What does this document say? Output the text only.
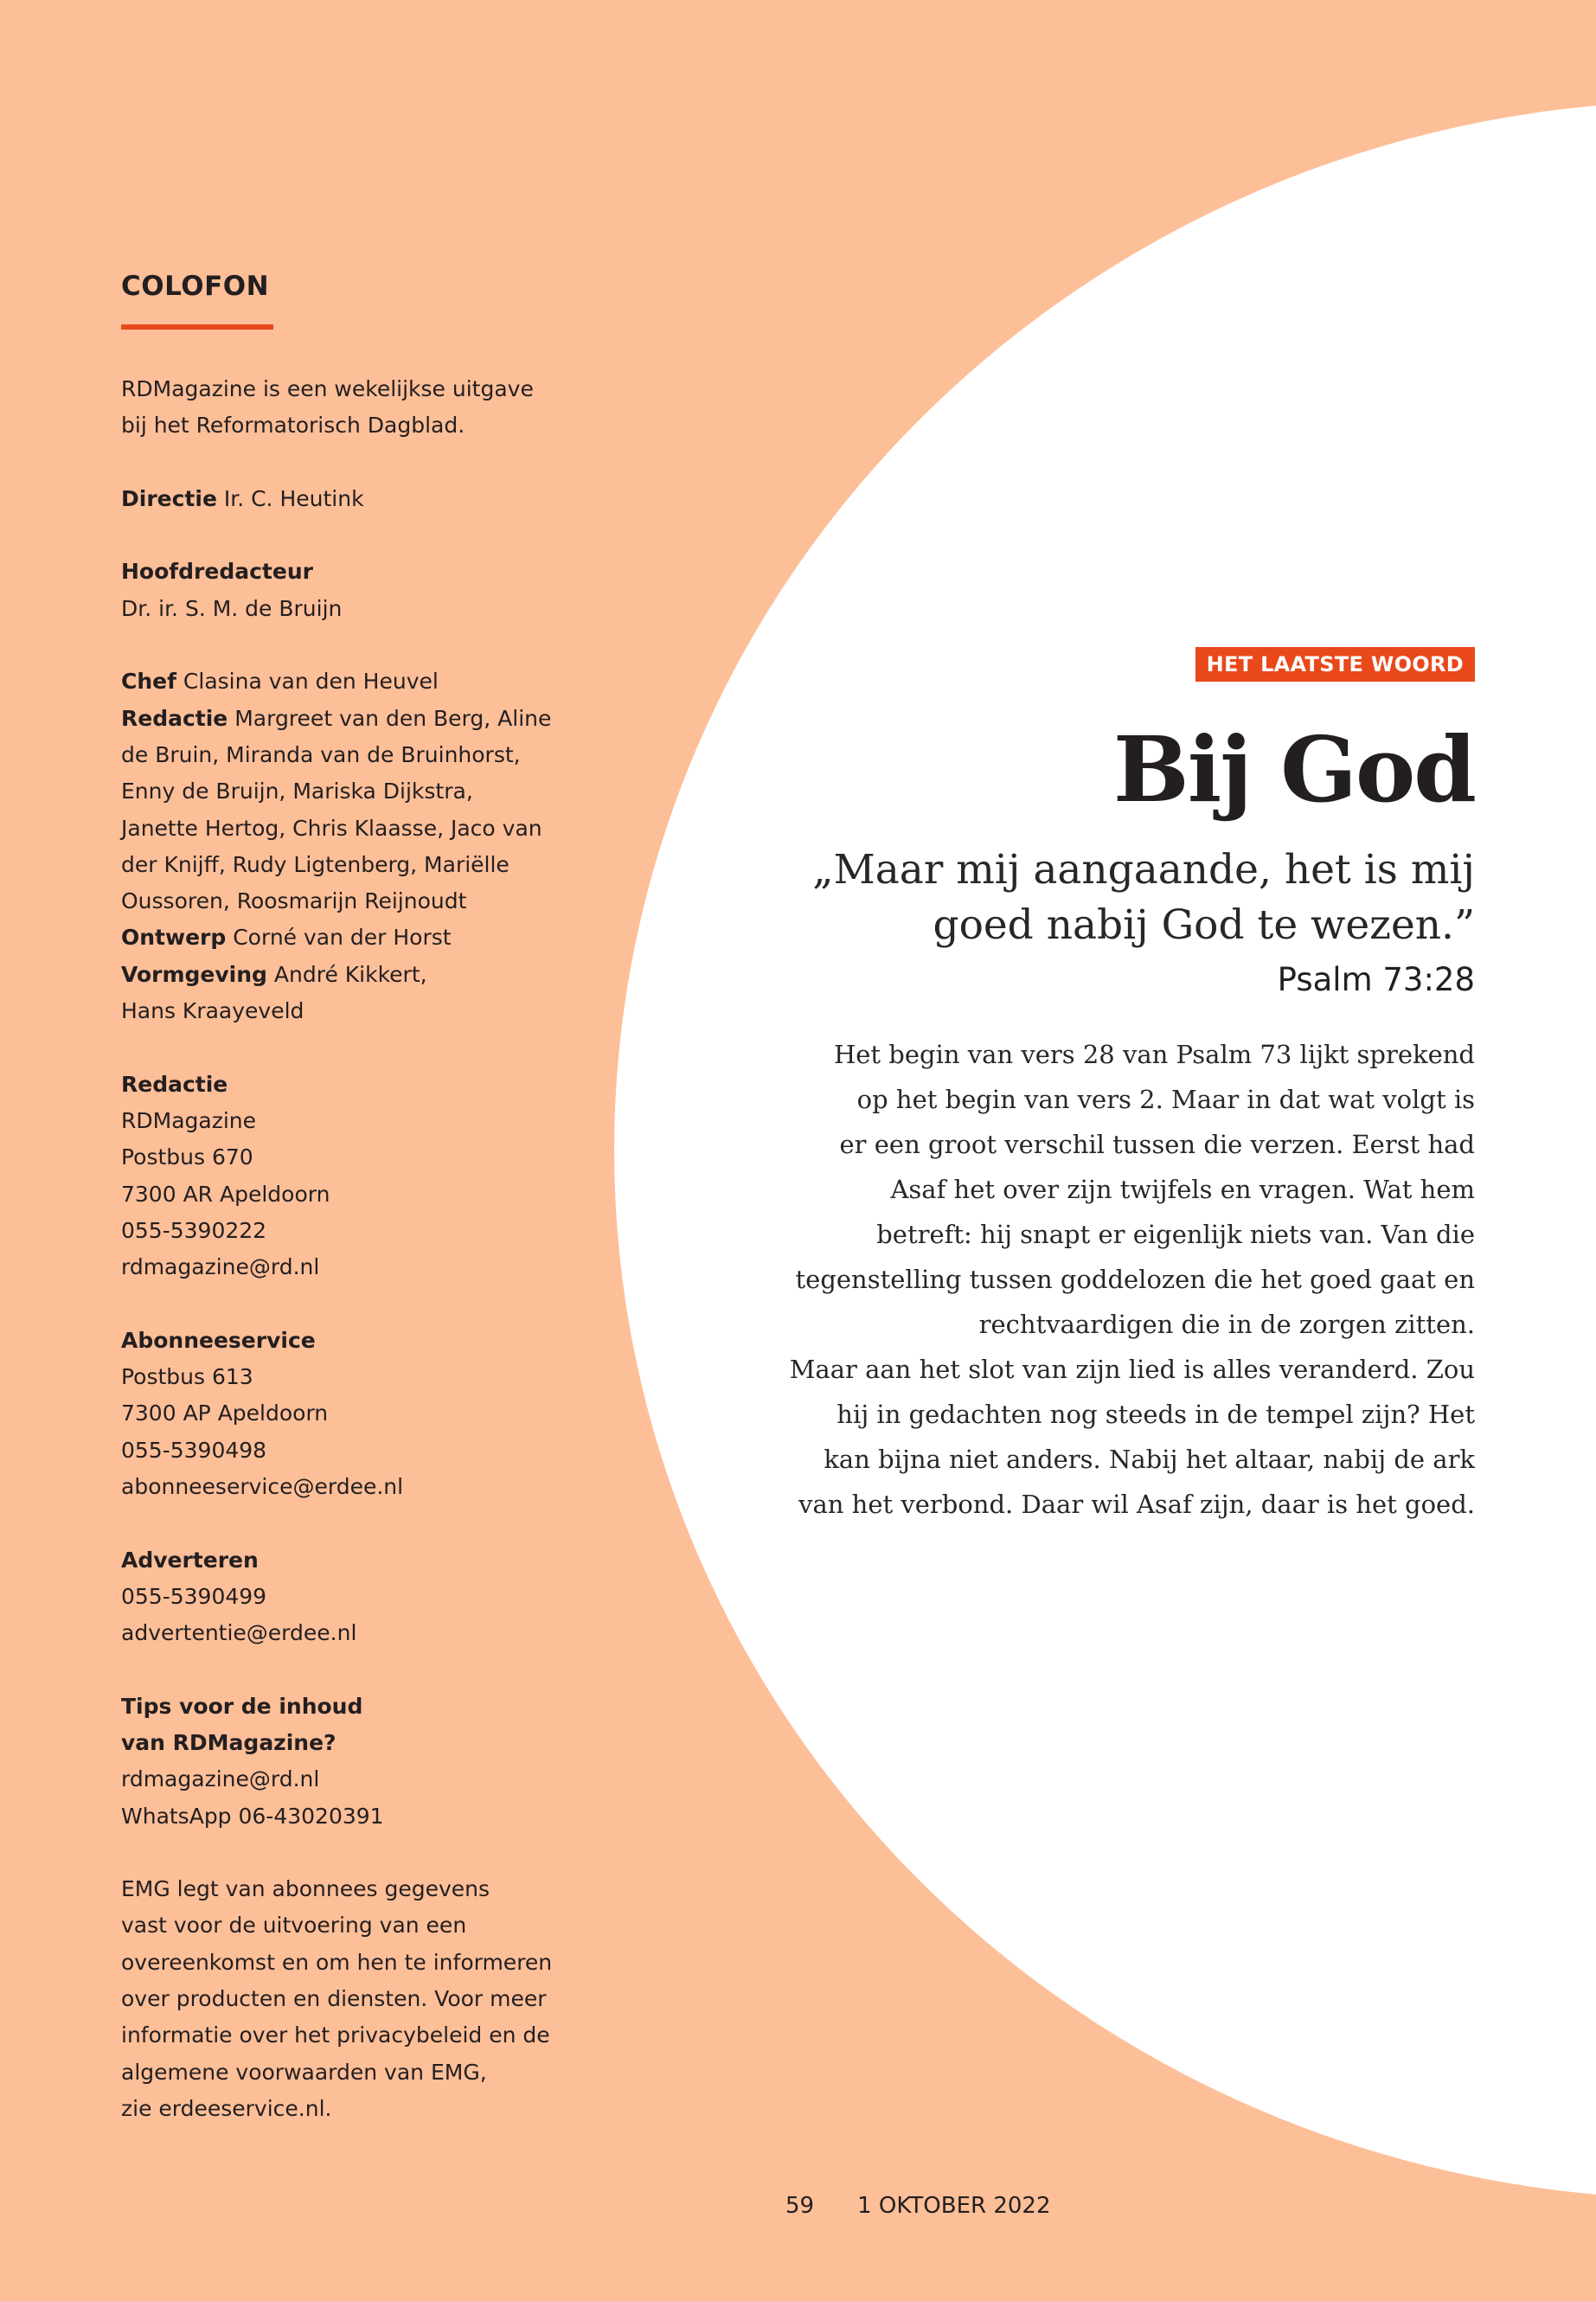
COLOFON
RDMagazine is een wekelijkse uitgave
bij het Reformatorisch Dagblad.
Directie Ir. C. Heutink
Hoofdredacteur
Dr. ir. S. M. de Bruijn
Chef Clasina van den Heuvel
Redactie Margreet van den Berg, Aline
de Bruin, Miranda van de Bruinhorst,
Enny de Bruijn, Mariska Dijkstra,
Janette Hertog, Chris Klaasse, Jaco van
der Knijff, Rudy Ligtenberg, Mariëlle
Oussoren, Roosmarijn Reijnoudt
Ontwerp Corné van der Horst
Vormgeving André Kikkert,
Hans Kraayeveld
Redactie
RDMagazine
Postbus 670
7300 AR Apeldoorn
055-5390222
rdmagazine@rd.nl
Abonneeservice
Postbus 613
7300 AP Apeldoorn
055-5390498
abonneeservice@erdee.nl
Adverteren
055-5390499
advertentie@erdee.nl
Tips voor de inhoud
van RDMagazine?
rdmagazine@rd.nl
WhatsApp 06-43020391
EMG legt van abonnees gegevens
vast voor de uitvoering van een
overeenkomst en om hen te informeren
over producten en diensten. Voor meer
informatie over het privacybeleid en de
algemene voorwaarden van EMG,
zie erdeeservice.nl.
HET LAATSTE WOORD
Bij God
„Maar mij aangaande, het is mij
goed nabij God te wezen.”
Psalm 73:28
Het begin van vers 28 van Psalm 73 lijkt sprekend
op het begin van vers 2. Maar in dat wat volgt is
er een groot verschil tussen die verzen. Eerst had
Asaf het over zijn twijfels en vragen. Wat hem
betreft: hij snapt er eigenlijk niets van. Van die
tegenstelling tussen goddelozen die het goed gaat en
rechtvaardigen die in de zorgen zitten.
Maar aan het slot van zijn lied is alles veranderd. Zou
hij in gedachten nog steeds in de tempel zijn? Het
kan bijna niet anders. Nabij het altaar, nabij de ark
van het verbond. Daar wil Asaf zijn, daar is het goed.
59 1 OKTOBER 2022
